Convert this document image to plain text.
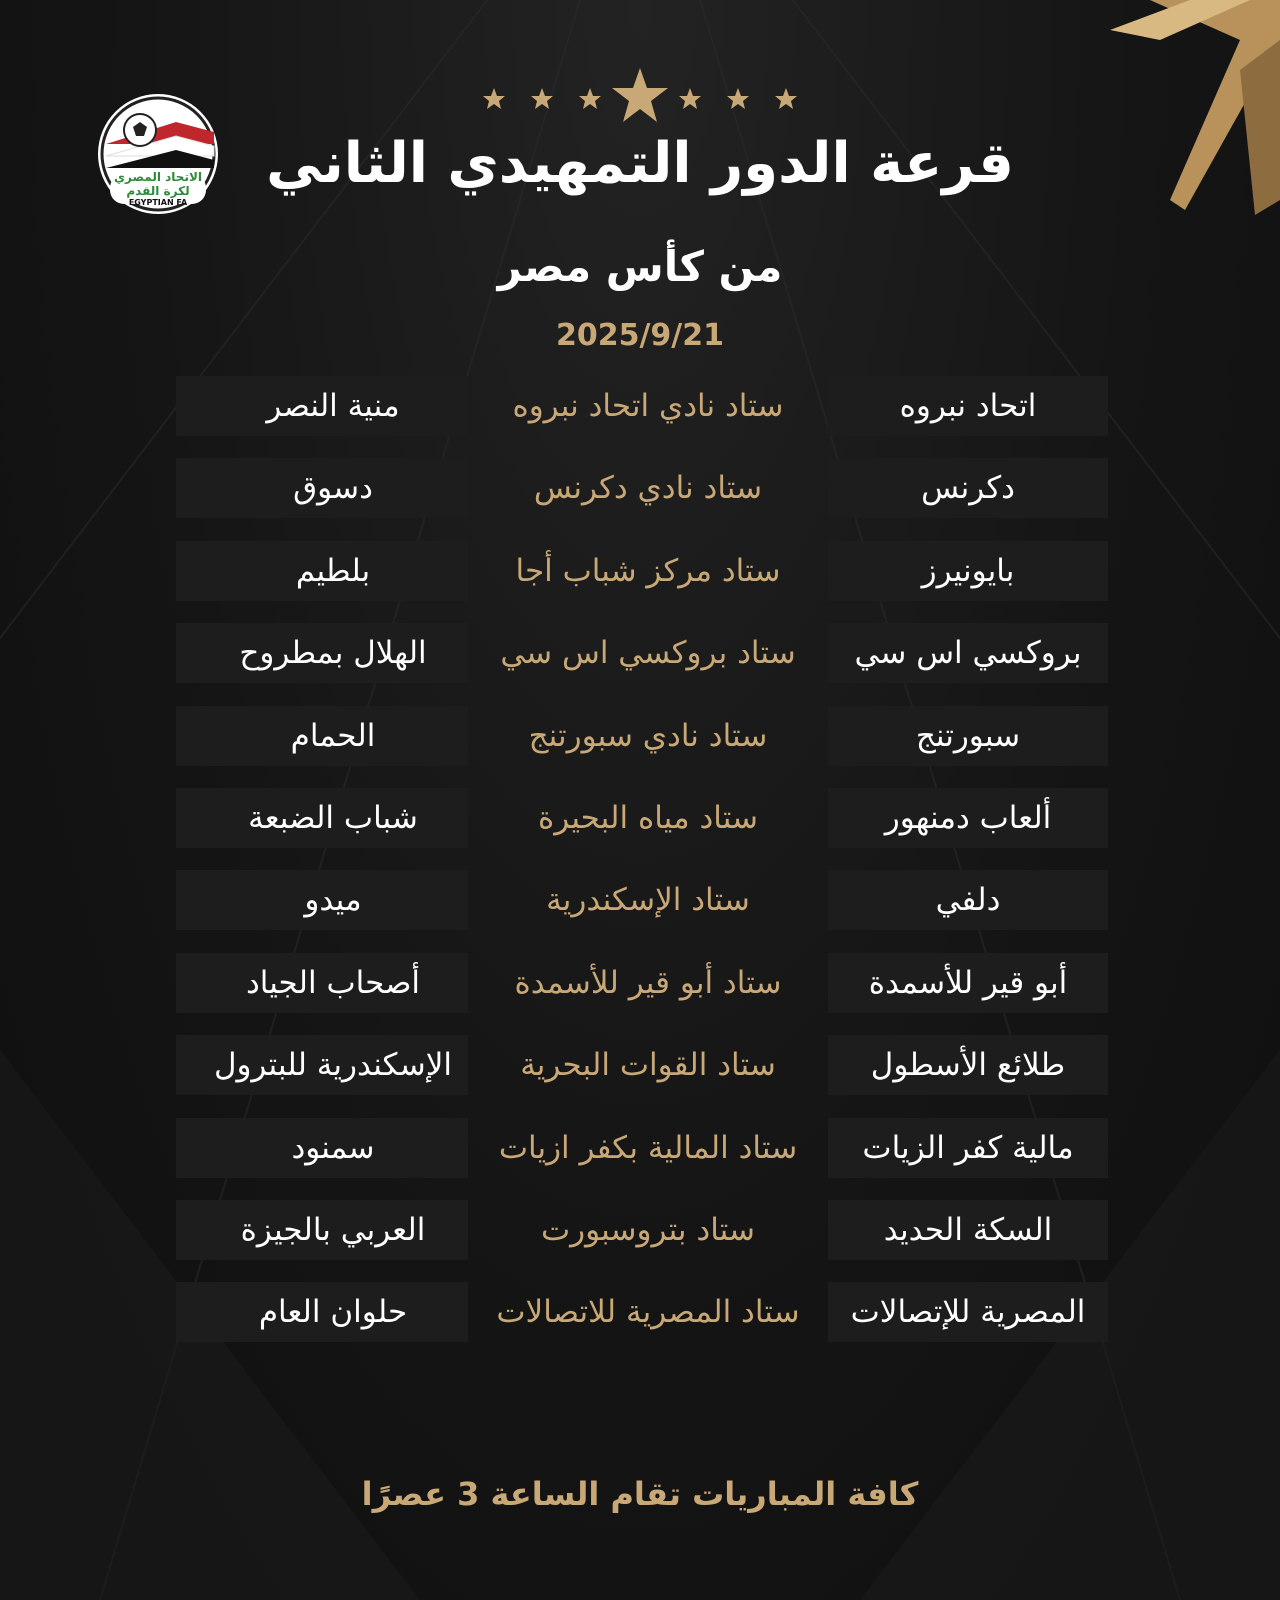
الاتحاد المصري
لكرة القدم
EGYPTIAN FA
قرعة الدور التمهيدي الثاني
من كأس مصر
2025/9/21
منية النصر	ستاد نادي اتحاد نبروه	اتحاد نبروه
دسوق	ستاد نادي دكرنس	دكرنس
بلطيم	ستاد مركز شباب أجا	بايونيرز
الهلال بمطروح	ستاد بروكسي اس سي	بروكسي اس سي
الحمام	ستاد نادي سبورتنج	سبورتنج
شباب الضبعة	ستاد مياه البحيرة	ألعاب دمنهور
ميدو	ستاد الإسكندرية	دلفي
أصحاب الجياد	ستاد أبو قير للأسمدة	أبو قير للأسمدة
الإسكندرية للبترول	ستاد القوات البحرية	طلائع الأسطول
سمنود	ستاد المالية بكفر ازيات	مالية كفر الزيات
العربي بالجيزة	ستاد بتروسبورت	السكة الحديد
حلوان العام	ستاد المصرية للاتصالات	المصرية للإتصالات
كافة المباريات تقام الساعة 3 عصرًا
